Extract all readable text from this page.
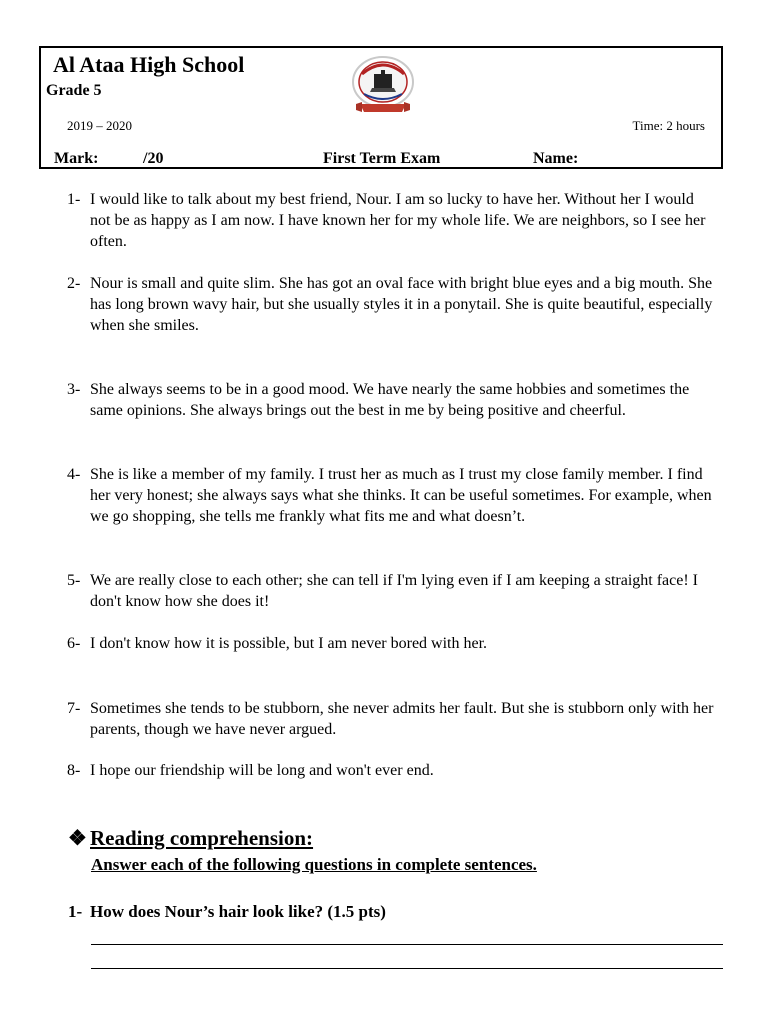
Al Ataa High School
Grade 5
2019 – 2020	Time: 2 hours
Mark:	/20	First Term Exam	Name:
1- I would like to talk about my best friend, Nour. I am so lucky to have her. Without her I would not be as happy as I am now. I have known her for my whole life. We are neighbors, so I see her often.
2- Nour is small and quite slim. She has got an oval face with bright blue eyes and a big mouth. She has long brown wavy hair, but she usually styles it in a ponytail. She is quite beautiful, especially when she smiles.
3- She always seems to be in a good mood. We have nearly the same hobbies and sometimes the same opinions. She always brings out the best in me by being positive and cheerful.
4- She is like a member of my family. I trust her as much as I trust my close family member. I find her very honest; she always says what she thinks. It can be useful sometimes. For example, when we go shopping, she tells me frankly what fits me and what doesn’t.
5- We are really close to each other; she can tell if I'm lying even if I am keeping a straight face! I don't know how she does it!
6- I don't know how it is possible, but I am never bored with her.
7- Sometimes she tends to be stubborn, she never admits her fault. But she is stubborn only with her parents, though we have never argued.
8- I hope our friendship will be long and won't ever end.
❖ Reading comprehension:
Answer each of the following questions in complete sentences.
1- How does Nour’s hair look like? (1.5 pts)
